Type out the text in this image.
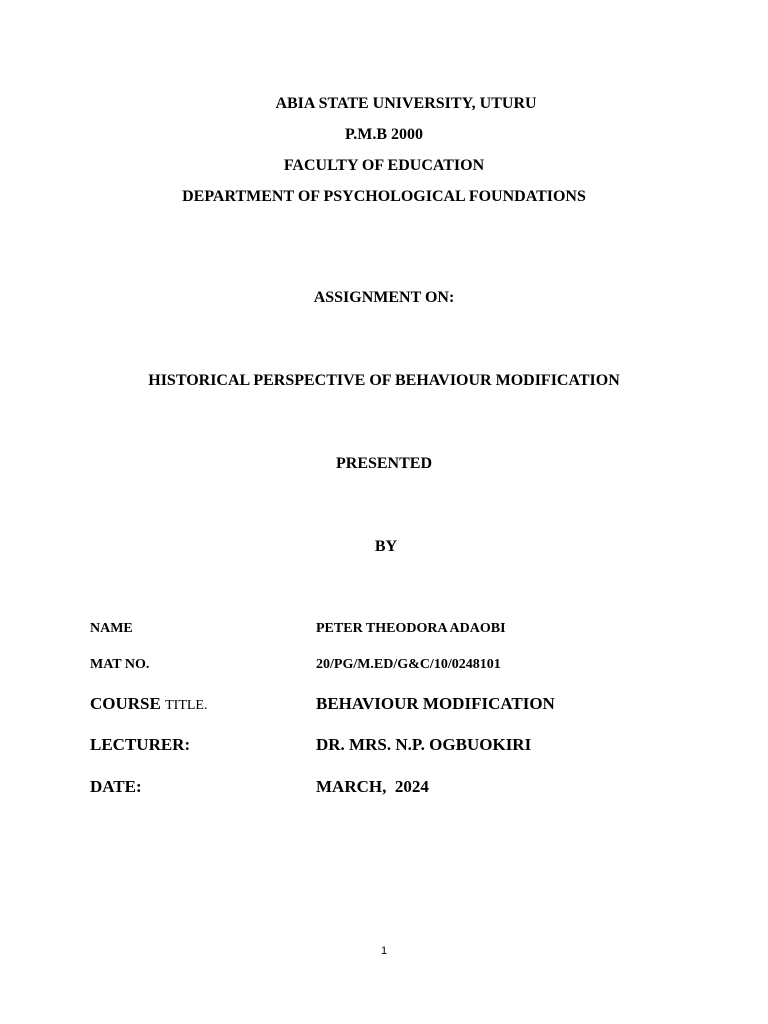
ABIA STATE UNIVERSITY, UTURU
P.M.B 2000
FACULTY OF EDUCATION
DEPARTMENT OF PSYCHOLOGICAL FOUNDATIONS
ASSIGNMENT ON:
HISTORICAL PERSPECTIVE OF BEHAVIOUR MODIFICATION
PRESENTED
BY
NAME	PETER THEODORA ADAOBI
MAT NO.	20/PG/M.ED/G&C/10/0248101
COURSE TITLE.	BEHAVIOUR MODIFICATION
LECTURER:	DR. MRS. N.P. OGBUOKIRI
DATE:	MARCH,  2024
1
